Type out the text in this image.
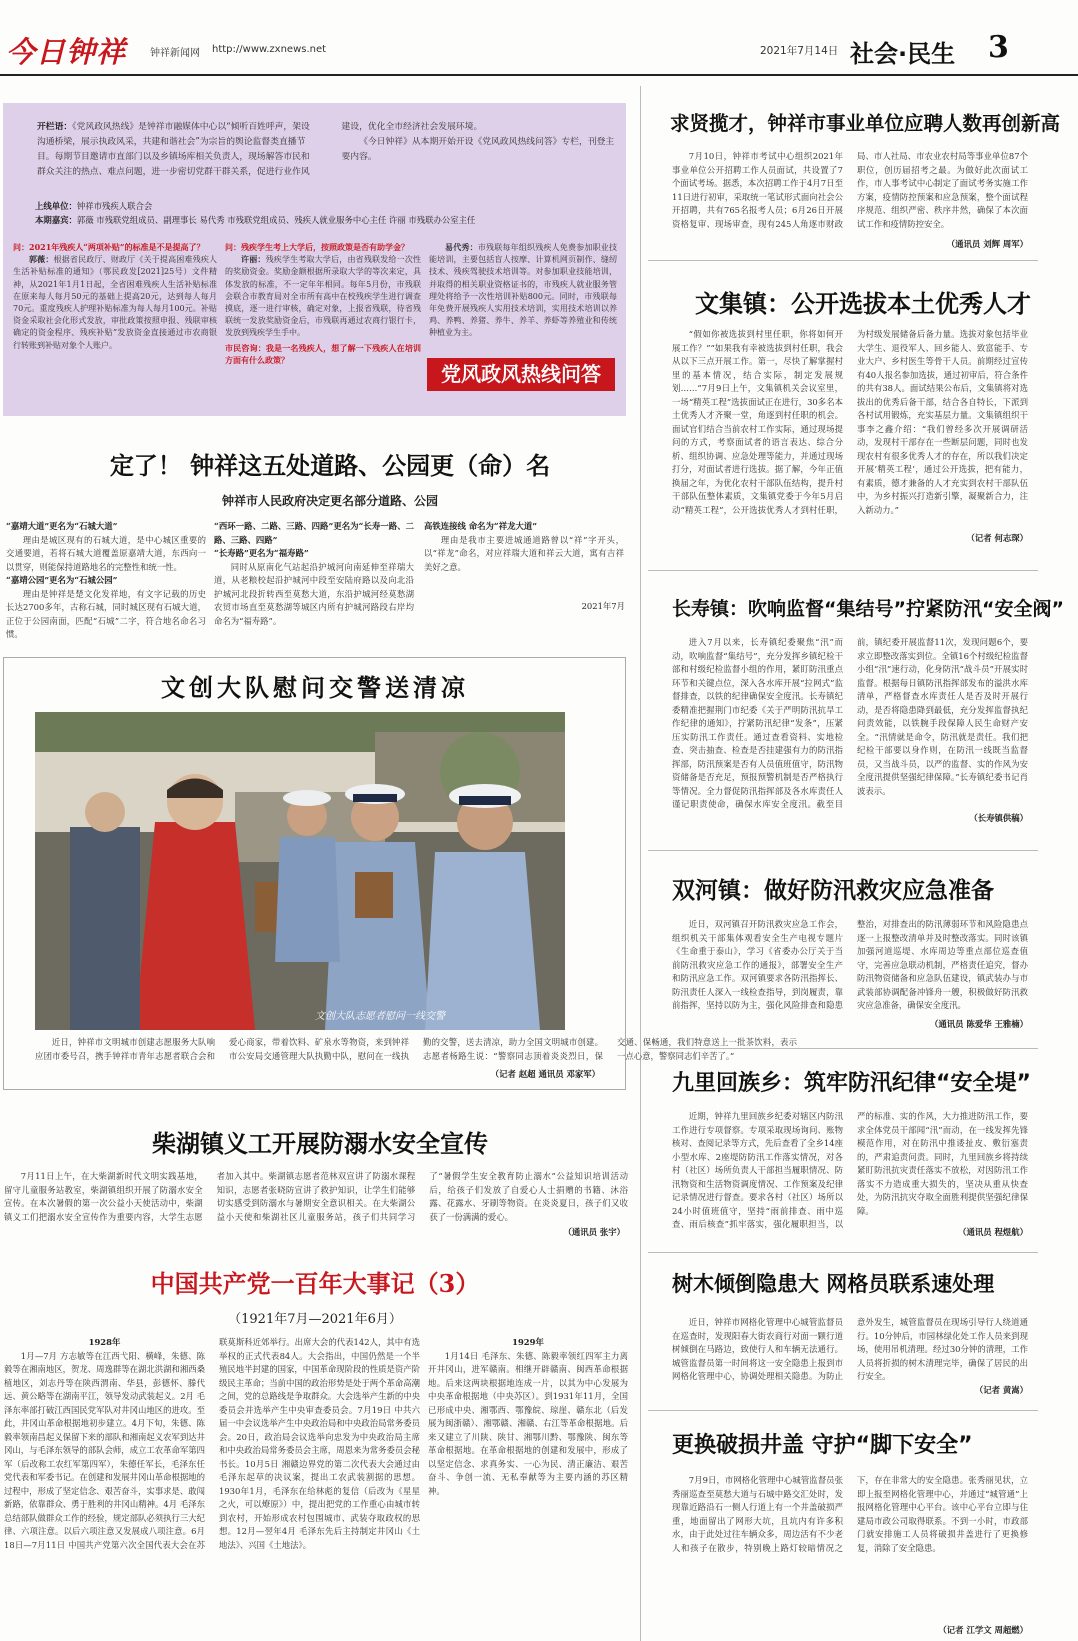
今日钟祥	钟祥新闻网 http://www.zxnews.net	2021年7月14日 社会·民生 3
开栏语：《党风政风热线》是钟祥市融媒体中心以“倾听百姓呼声，架设沟通桥梁，展示执政风采，共建和谐社会”为宗旨的舆论监督类直播节目。每期节目邀请市直部门以及乡镇场库相关负责人，现场解答市民和群众关注的热点、难点问题，进一步密切党群干群关系，促进行业作风建设，优化全市经济社会发展环境。
《今日钟祥》从本期开始开设《党风政风热线问答》专栏，刊登主要内容。
上线单位：钟祥市残疾人联合会
本期嘉宾：郭薇 市残联党组成员、副理事长 易代秀 市残联党组成员、残疾人就业服务中心主任 许丽 市残联办公室主任
问：2021年残疾人“两项补贴”的标准是不是提高了？

郭薇：根据省民政厅、财政厅《关于提高困难残疾人生活补贴标准的通知》（鄂民政发[2021]25号）文件精神，从2021年1月1日起，全省困难残疾人生活补贴标准在原来每人每月50元的基础上提高20元，达到每人每月70元。重度残疾人护理补贴标准为每人每月100元。补贴资金采取社会化形式发放，审批政策按照申报、残联审核确定的资金程序、残疾补贴”发放资金直接通过市农商银行转账到补贴对象个人账户。

问：残疾学生考上大学后，按照政策是否有助学金？

许丽：残疾学生考取大学后，由省残联发给一次性的奖励资金。奖励金额根据所录取大学的等次来定，具体发放的标准，不一定年年相同。每年5月份，市残联会联合市教育局对全市所有高中在校残疾学生进行调查摸底，逐一进行审核，确定对象，上报省残联，待省残联统一发放奖励资金后，市残联再通过农商行银行卡，发放到残疾学生手中。

市民咨询：我是一名残疾人，想了解一下残疾人在培训方面有什么政策？

易代秀：市残联每年组织残疾人免费参加职业技能培训，主要包括盲人按摩、计算机网页制作、缝纫技术、残疾驾驶技术培训等。对参加职业技能培训，并取得的相关职业资格证书的，市残疾人就业服务管理处将给予一次性培训补贴800元。同时，市残联每年免费开展残疾人实用技术培训，实用技术培训以养鸡、养鸭、养猪、养牛、养羊、养虾等养殖业和传统种植业为主。

党风政风热线问答
定了！ 钟祥这五处道路、公园更（命）名
钟祥市人民政府决定更名部分道路、公园
“嘉靖大道”更名为“石城大道”

理由是城区现有的石城大道，是中心城区重要的交通要道，若将石城大道覆盖原嘉靖大道，东西向一以贯穿，则能保持道路地名的完整性和统一性。

“嘉靖公园”更名为“石城公园”

理由是钟祥是楚文化发祥地，有文字记载的历史长达2700多年，古称石城，同时城区现有石城大道，正位于公园南面，匹配“石城”二字，符合地名命名习惯。

“西环一路、二路、三路、四路”更名为“长寿一路、二路、三路、四路”
“长寿路”更名为“福寿路”

同时从原南化气站起沿护城河向南延伸至祥瑞大道，从老粮校起沿护城河中段至安陆府路以及向北沿护城河北段折转西至莫愁大道，东沿护城河经莫愁湖农贸市场直至莫愁湖等城区内所有护城河路段右岸均命名为“福寿路”。

高铁连接线 命名为“祥龙大道”

理由是我市主要进城通道路曾以“祥”字开头，以“祥龙”命名，对应祥瑞大道和祥云大道，寓有吉祥美好之意。

2021年7月
文创大队慰问交警送清凉
文创大队志愿者慰问一线交警

近日，钟祥市文明城市创建志愿服务大队响应团市委号召，携手钟祥市青年志愿者联合会和爱心商家，带着饮料、矿泉水等物资，来到钟祥市公安局交通管理大队执勤中队，慰问在一线执勤的交警，送去清凉，助力全国文明城市创建。志愿者杨路生说：“警察同志顶着炎炎烈日，保交通、保畅通，我们特意送上一批茶饮料，表示一点心意，警察同志们辛苦了。”

（记者 赵超 通讯员 邓家军）
柴湖镇义工开展防溺水安全宣传

7月11日上午，在大柴湖新时代文明实践基地，留守儿童服务站教室，柴湖镇组织开展了防溺水安全宣传。在本次暑假的第一次公益小天使活动中，柴湖镇义工们把溺水安全宣传作为重要内容，大学生志愿者加入其中。柴湖镇志愿者范林双宣讲了防溺水课程知识，志愿者张晓防宣讲了救护知识，让学生们能够切实感受到防溺水与暑期安全意识相关。在大柴湖公益小天使和柴湖社区儿童服务站，孩子们共同学习了“暑假学生安全教育防止溺水”公益知识培训活动后，给孩子们发放了自爱心人士捐赠的书籍、沐浴露、花露水、牙刷等物资。在炎炎夏日，孩子们又收获了一份满满的爱心。

（通讯员 张宇）
中国共产党一百年大事记（3）
（1921年7月—2021年6月）
1928年

1月—7月 方志敏等在江西弋阳、横峰，朱德、陈毅等在湘南地区，贺龙、周逸群等在湖北洪湖和湘西桑植地区，刘志丹等在陕西渭南、华县，彭德怀、滕代远、黄公略等在湖南平江，领导发动武装起义。2月 毛泽东率部打破江西国民党军队对井冈山地区的进攻。至此，井冈山革命根据地初步建立。4月下旬，朱德、陈毅率领南昌起义保留下来的部队和湘南起义农军到达井冈山，与毛泽东领导的部队会师，成立工农革命军第四军（后改称工农红军第四军），朱德任军长，毛泽东任党代表和军委书记。在创建和发展井冈山革命根据地的过程中，形成了坚定信念、艰苦奋斗，实事求是、敢闯新路，依靠群众、勇于胜利的井冈山精神。4月 毛泽东总结部队做群众工作的经验，规定部队必须执行三大纪律、六项注意。以后六项注意又发展成八项注意。6月18日—7月11日 中国共产党第六次全国代表大会在苏联莫斯科近郊举行。出席大会的代表142人，其中有选举权的正式代表84人。大会指出，中国仍然是一个半殖民地半封建的国家，中国革命现阶段的性质是资产阶级民主革命；当前中国的政治形势是处于两个革命高潮之间，党的总路线是争取群众。大会选举产生新的中央委员会并选举产生中央审查委员会。7月19日 中共六届一中会议选举产生中央政治局和中央政治局常务委员会。20日，政治局会议选举向忠发为中央政治局主席和中央政治局常务委员会主席，周恩来为常务委员会秘书长。10月5日 湘赣边界党的第二次代表大会通过由毛泽东起草的决议案，提出工农武装割据的思想。1930年1月，毛泽东在给林彪的复信（后改为《星星之火，可以燎原》）中，提出把党的工作重心由城市转到农村，开始形成农村包围城市、武装夺取政权的思想。12月—翌年4月 毛泽东先后主持制定井冈山《土地法》、兴国《土地法》。

1929年

1月14日 毛泽东、朱德、陈毅率领红四军主力离开井冈山，进军赣南。相继开辟赣南、闽西革命根据地。后来这两块根据地连成一片，以其为中心发展为中央革命根据地（中央苏区）。到1931年11月，全国已形成中央、湘鄂西、鄂豫皖、琼崖、赣东北（后发展为闽浙赣）、湘鄂赣、湘赣、右江等革命根据地。后来又建立了川陕、陕甘、湘鄂川黔、鄂豫陕、闽东等革命根据地。在革命根据地的创建和发展中，形成了以坚定信念、求真务实、一心为民、清正廉洁、艰苦奋斗、争创一流、无私奉献等为主要内涵的苏区精神。

求贤揽才，钟祥市事业单位应聘人数再创新高

7月10日，钟祥市考试中心组织2021年事业单位公开招聘工作人员面试，共设置了7个面试考场。据悉，本次招聘工作于4月7日至11日进行初审，采取统一笔试形式面向社会公开招聘，共有765名报考人员；6月26日开展资格复审、现场审查，现有245人角逐市财政局、市人社局、市农业农村局等事业单位87个职位，创历届招考之最。为做好此次面试工作，市人事考试中心制定了面试考务实施工作方案，疫情防控预案和应急预案，整个面试程序规范、组织严密、秩序井然，确保了本次面试工作和疫情防控安全。

（通讯员 刘辉 周军）
文集镇：公开选拔本土优秀人才

“假如你被选拔到村里任职，你将如何开展工作？”“如果我有幸被选拔到村任职，我会从以下三点开展工作。第一，尽快了解掌握村里的基本情况，结合实际，制定发展规划……”7月9日上午，文集镇机关会议室里，一场“精英工程”选拔面试正在进行，30多名本土优秀人才齐聚一堂，角逐到村任职的机会。面试官们结合当前农村工作实际，通过现场提问的方式，考察面试者的语言表达、综合分析、组织协调、应急处理等能力，并通过现场打分，对面试者进行选拔。据了解，今年正值换届之年，为优化农村干部队伍结构，提升村干部队伍整体素质，文集镇党委于今年5月启动“精英工程”，公开选拔优秀人才到村任职，为村级发展储备后备力量。选拔对象包括毕业大学生、退役军人、回乡能人、致富能手、专业大户、乡村医生等骨干人员。前期经过宣传有40人报名参加选拔，通过初审后，符合条件的共有38人。面试结果公布后，文集镇将对选拔出的优秀后备干部，结合各自特长，下派到各村试用锻炼，充实基层力量。文集镇组织干事李之鑫介绍：“我们曾经多次开展调研活动，发现村干部存在一些断层问题，同时也发现农村有很多优秀人才的存在，所以我们决定开展‘精英工程’，通过公开选拔，把有能力，有素质，德才兼备的人才充实到农村干部队伍中，为乡村振兴打造新引擎，凝聚新合力，注入新动力。”

（记者 何志琛）
长寿镇：吹响监督“集结号”拧紧防汛“安全阀”

进入7月以来，长寿镇纪委聚焦“汛”而动，吹响监督“集结号”，充分发挥乡镇纪检干部和村级纪检监督小组的作用，紧盯防汛重点环节和关键点位，深入各水库开展“拉网式”监督排查，以铁的纪律确保安全度汛。长寿镇纪委精准把握荆门市纪委《关于严明防汛抗旱工作纪律的通知》，拧紧防汛纪律“发条”，压紧压实防汛工作责任。通过查看资料、实地检查、突击抽查、检查是否挂建强有力的防汛指挥部，防汛预案是否有人员值班值守，防汛物资储备是否充足，预报预警机制是否严格执行等情况。全力督促防汛指挥部及各水库责任人谨记职责使命，确保水库安全度汛。截至目前，镇纪委开展监督11次，发现问题6个，要求立即整改落实到位。全镇16个村级纪检监督小组“汛”速行动，化身防汛“战斗员”开展实时监督。根据每日镇防汛指挥部发布的溢洪水库清单，严格督查水库责任人是否及时开展行动，是否将隐患降到最低，充分发挥监督执纪问责效能，以铁腕手段保障人民生命财产安全。“汛情就是命令，防汛就是责任。我们把纪检干部要以身作则，在防汛一线既当监督员，又当战斗员，以严的监督、实的作风为安全度汛提供坚强纪律保障。”长寿镇纪委书记肖波表示。

（长寿镇供稿）
双河镇：做好防汛救灾应急准备

近日，双河镇召开防汛救灾应急工作会，组织机关干部集体观看安全生产电视专题片《生命重于泰山》，学习《省委办公厅关于当前防汛救灾应急工作的通报》，部署安全生产和防汛应急工作。双河镇要求各防汛指挥长、防汛责任人深入一线检查指导，到岗履责，靠前指挥，坚持以防为主，强化风险排查和隐患整治，对排查出的防汛薄弱环节和风险隐患点逐一上报整改清单并及时整改落实。同时该镇加强河道巡堤、水库周边等重点部位巡查值守，完善应急联动机制，严格责任追究，督办防汛物资储备和应急队伍建设，镇武装办与市武装部协调配备冲锋舟一艘，积极做好防汛救灾应急准备，确保安全度汛。

（通讯员 陈爱华 王雅楠）
九里回族乡：筑牢防汛纪律“安全堤”

近期，钟祥九里回族乡纪委对辖区内防汛工作进行专项督察。专项采取现场询问、账物核对、查阅记录等方式，先后查看了全乡14座小型水库、2座堤防防汛工作落实情况，对各村（社区）场所负责人干部担当履职情况、防汛物资和生活物资调度情况、工作预案及纪律记录情况进行督查。要求各村（社区）场所以24小时值班值守，坚持“雨前排查、雨中巡查、雨后核查”抓牢落实，强化履职担当，以严的标准、实的作风，大力推进防汛工作，要求全体党员干部闻“汛”而动，在一线发挥先锋模范作用，对在防汛中推诿扯皮、敷衍塞责的，严肃追责问责。同时，九里回族乡将持续紧盯防汛抗灾责任落实不放松，对因防汛工作落实不力造成重大损失的，坚决从重从快查处，为防汛抗灾夺取全面胜利提供坚强纪律保障。

（通讯员 程煜航）
树木倾倒隐患大 网格员联系速处理

近日，钟祥市网格化管理中心城管监督员在巡查时，发现阳春大街农商行对面一颗行道树倾倒在马路边，致使行人和车辆无法通行。城管监督员第一时间将这一安全隐患上报到市网格化管理中心，协调处理相关隐患。为防止意外发生，城管监督员在现场引导行人绕道通行。10分钟后，市园林绿化处工作人员来到现场，使用吊机清理。经过30分钟的清理，工作人员将折损的树木清理完毕，确保了居民的出行安全。

（记者 黄嵩）
更换破损井盖 守护“脚下安全”

7月9日，市网格化管理中心城管监督员张秀丽巡查至莫愁大道与石城中路交汇处时，发现靠近路沿石一侧人行道上有一个井盖破损严重，地面留出了网形大坑，且坑内有许多积水，由于此处过往车辆众多，周边活有不少老人和孩子在散步，特别晚上路灯较暗情况之下，存在非常大的安全隐患。张秀丽见状，立即上报至网格化管理中心，并通过“城管通”上报网格化管理中心平台。该中心平台立即与住建局市政公司取得联系。不到一小时，市政部门就安排施工人员将破损井盖进行了更换修复，消除了安全隐患。

（记者 江学文 周超燃）
